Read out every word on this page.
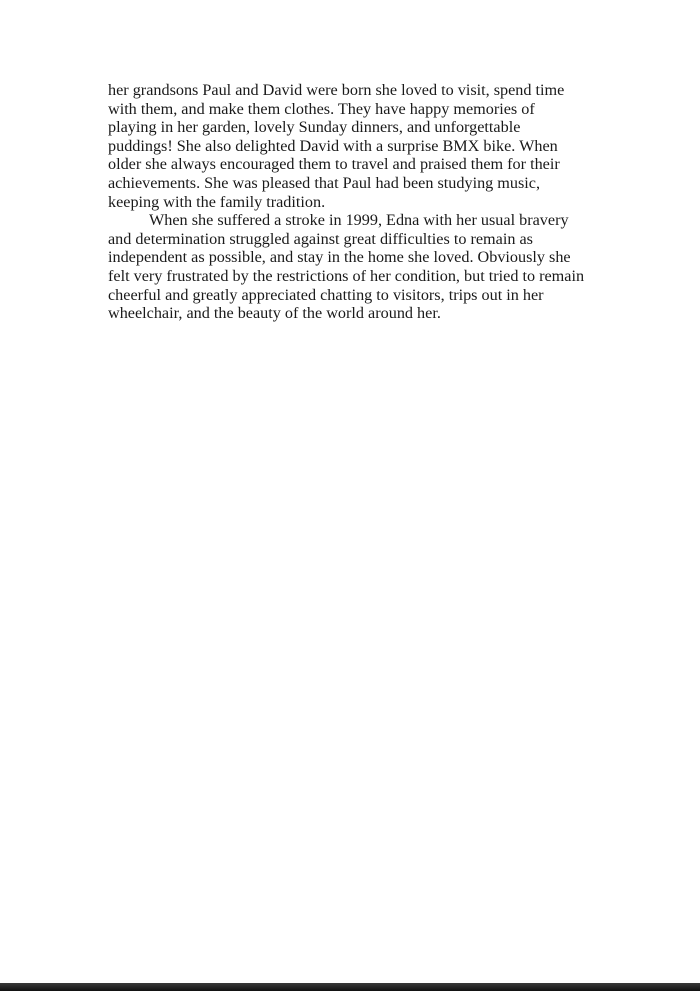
her grandsons Paul and David were born she loved to visit, spend time
with them, and make them clothes. They have happy memories of
playing in her garden, lovely Sunday dinners, and unforgettable
puddings! She also delighted David with a surprise BMX bike. When
older she always encouraged them to travel and praised them for their
achievements. She was pleased that Paul had been studying music,
keeping with the family tradition.
When she suffered a stroke in 1999, Edna with her usual bravery
and determination struggled against great difficulties to remain as
independent as possible, and stay in the home she loved. Obviously she
felt very frustrated by the restrictions of her condition, but tried to remain
cheerful and greatly appreciated chatting to visitors, trips out in her
wheelchair, and the beauty of the world around her.
